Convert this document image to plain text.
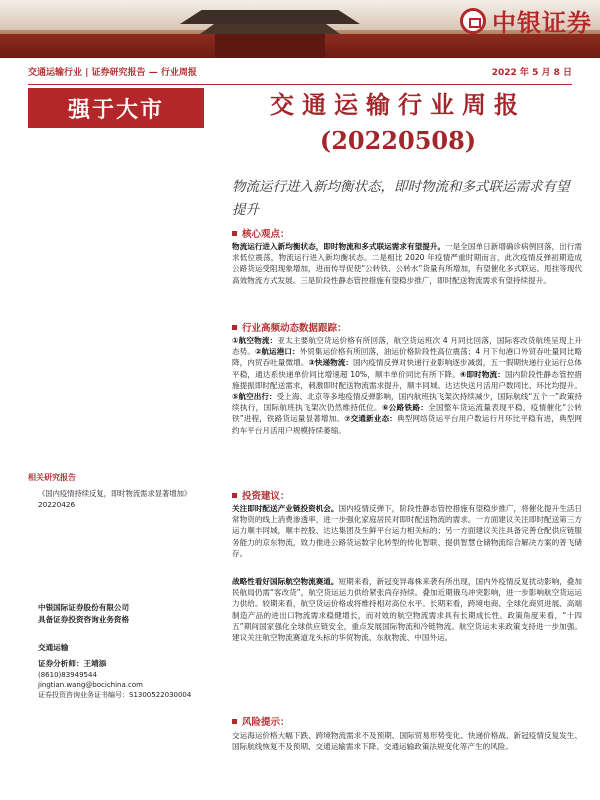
中银证券
交通运输行业 | 证券研究报告 — 行业周报	2022 年 5 月 8 日
强于大市	交通运输行业周报
(20220508)
物流运行进入新均衡状态，即时物流和多式联运需求有望提升
核心观点：
物流运行进入新均衡状态，即时物流和多式联运需求有望提升。一是全国单日新增确诊病例回落，出行需求低位震荡，物流运行进入新均衡状态。二是相比 2020 年疫情严重时期而言，此次疫情反弹初期造成公路货运受阻现象增加，进而传导促使“公转铁、公转水”货量有所增加，有望催化多式联运、甩挂等现代高效物流方式发展。三是阶段性静态管控措施有望稳步推广，即时配送物流需求有望持续提升。
行业高频动态数据跟踪：
①航空物流：亚太主要航空货运价格有所回落，航空货运班次 4 月同比回落，国际客改货航班呈现上升态势。②航运港口：外贸集运价格有所回落，油运价格阶段性高位震荡；4 月下旬港口外贸吞吐量同比略降，内贸吞吐量微增。③快递物流：国内疫情反弹对快递行业影响逐步减弱，五一假期快递行业运行总体平稳，通达系快递单价同比增速超 10%，顺丰单价同比有所下降。④即时物流：国内阶段性静态管控措施提振即时配送需求，刺激即时配送物流需求提升，顺丰同城、达达快送月活用户数同比、环比均提升。⑤航空出行：受上海、北京等多地疫情反弹影响，国内航班执飞架次持续减少，国际航线“五个一”政策持续执行，国际航班执飞架次仍然维持低位。⑥公路铁路：全国整车货运流量表现平稳，疫情催化“公转铁”进程，铁路货运量显著增加。⑦交通新业态：典型网络货运平台用户数运行月环比平稳有进，典型网约车平台月活用户规模持续萎缩。
投资建议：
关注即时配送产业链投资机会。国内疫情反弹下，阶段性静态管控措施有望稳步推广，将催化提升生活日常物资的线上消费渗透率，进一步强化家庭居民对即时配送物流的需求。一方面建议关注即时配送第三方运力顺丰同城，顺丰控股、达达集团及生鲜平台运力相关标的；另一方面建议关注具备完善仓配供应链服务能力的京东物流，致力推进公路货运数字化转型的传化智联、提供智慧仓储物流综合解决方案的普飞储存。
战略性看好国际航空物流赛道。短期来看，新冠变异毒株来袭有所出现，国内外疫情反复扰动影响，叠加民航局仍需“客改货”，航空货运运力供给紧张尚存持续。叠加近期俄乌冲突影响，进一步影响航空货运运力供给。较期来看，航空货运价格或将维持相对高位水平。长期来看，跨境电商、全球化商贸进展、高端制造产品的进出口物流需求稳健增长，而对效的航空物流需求具有长期成长性。政策角度来看，“十四五”期间国家强化全球供应链安全，重点发展国际物流和冷链物流。航空货运未来政策支持进一步加强。建议关注航空物流赛道龙头标的华贸物流、东航物流、中国外运。
风险提示：
交运海运价格大幅下跌、跨境物流需求不及预期、国际贸易形势变化、快递价格战、新冠疫情反复发生、国际航线恢复不及预期、交通运输需求下降、交通运输政策法规变化等产生的风险。
相关研究报告
《国内疫情持续反复，即时物流需求显著增加》20220426
中银国际证券股份有限公司
具备证券投资咨询业务资格
交通运输
证券分析师：王靖添
(8610)83949544
jingtian.wang@bocichina.com
证券投资咨询业务证书编号：S1300522030004
